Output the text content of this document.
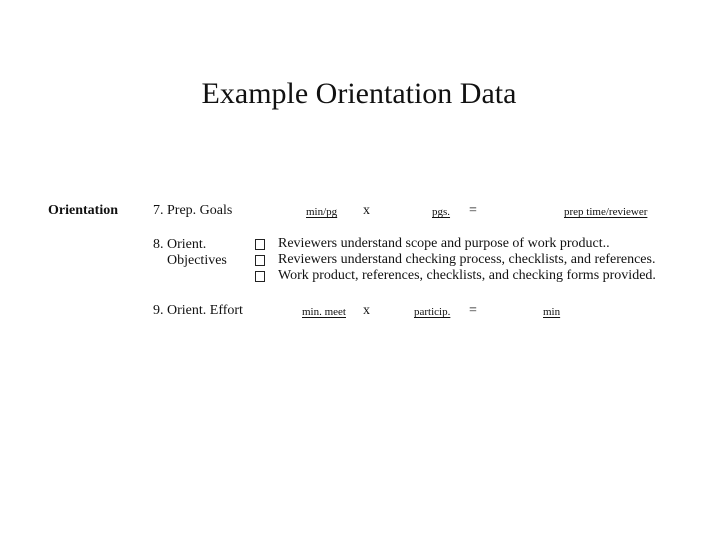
Example Orientation Data
Orientation	7. Prep. Goals	min/pg x	pgs. =	prep time/reviewer
8. Orient.
Objectives
Reviewers understand scope and purpose of work product..
Reviewers understand checking process, checklists, and references.
Work product, references, checklists, and checking forms provided.
9. Orient. Effort	min. meet x	particip. =	min
